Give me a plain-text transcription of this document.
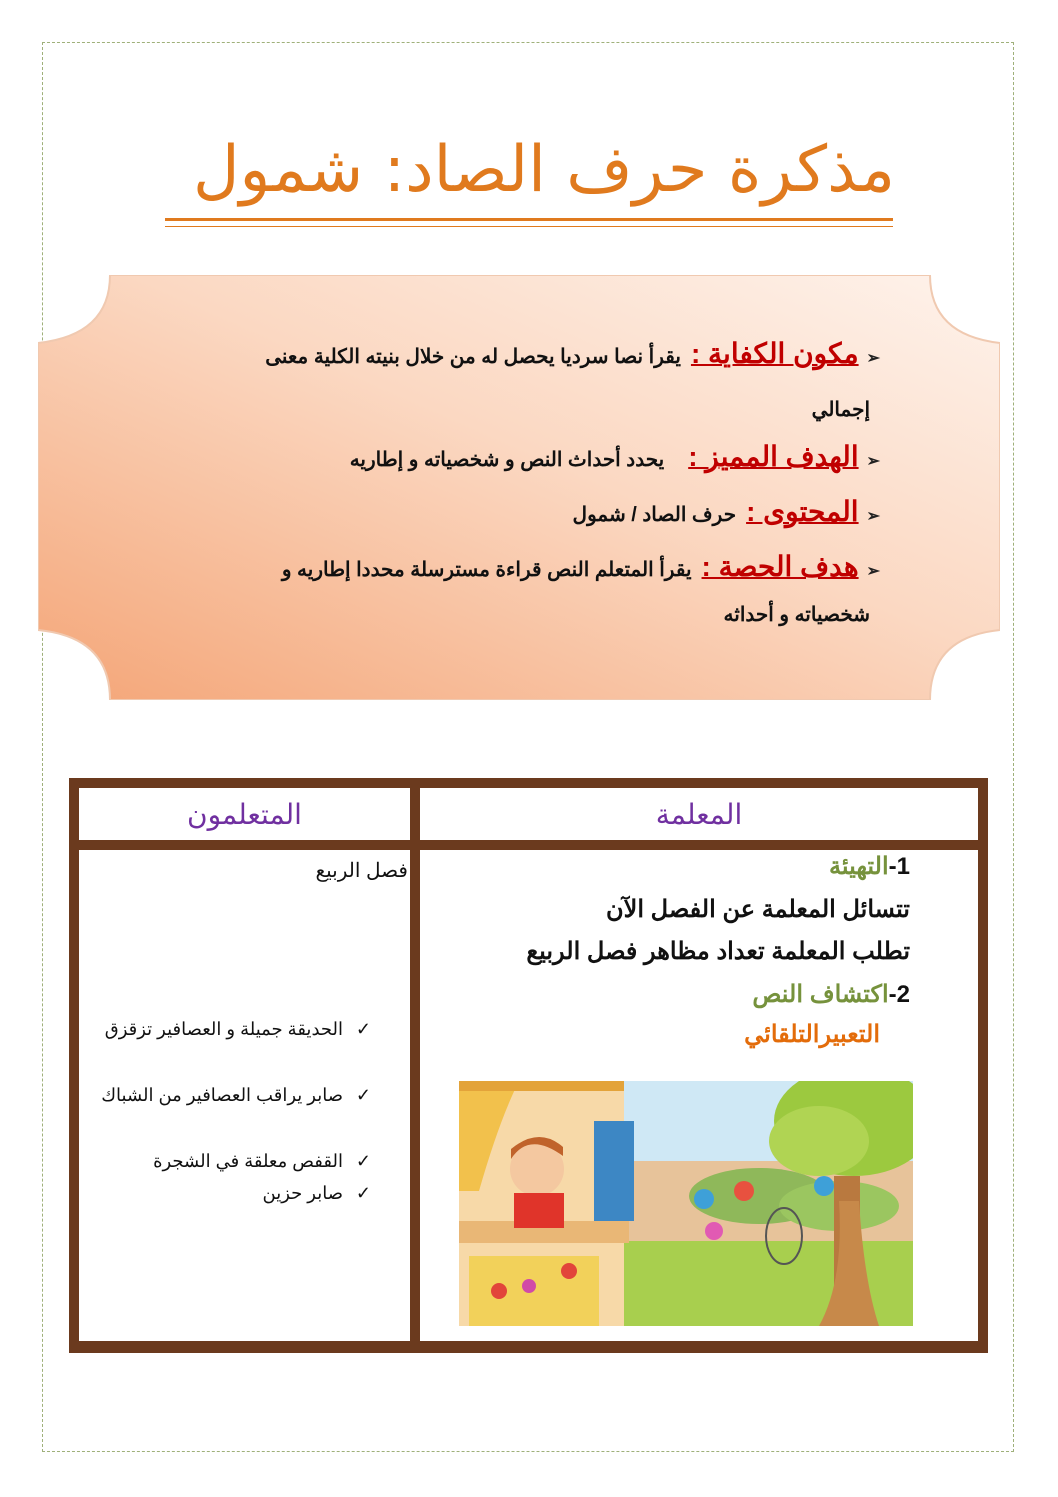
مذكرة حرف الصاد: شمول
➢
مكون الكفاية :
يقرأ نصا سرديا يحصل له من خلال بنيته الكلية معنى
إجمالي
➢
الهدف المميز :
يحدد أحداث النص و شخصياته و إطاريه
➢
المحتوى :
حرف الصاد / شمول
➢
هدف الحصة :
يقرأ المتعلم النص قراءة مسترسلة محددا إطاريه و
شخصياته و أحداثه
المتعلمون	المعلمة
1-التهيئة
تتسائل المعلمة عن الفصل الآن
تطلب المعلمة تعداد مظاهر فصل الربيع
2-اكتشاف النص
التعبيرالتلقائي
فصل الربيع
✓
الحديقة جميلة و العصافير تزقزق
✓
صابر يراقب العصافير من الشباك
✓
القفص معلقة في الشجرة
✓
صابر حزين
